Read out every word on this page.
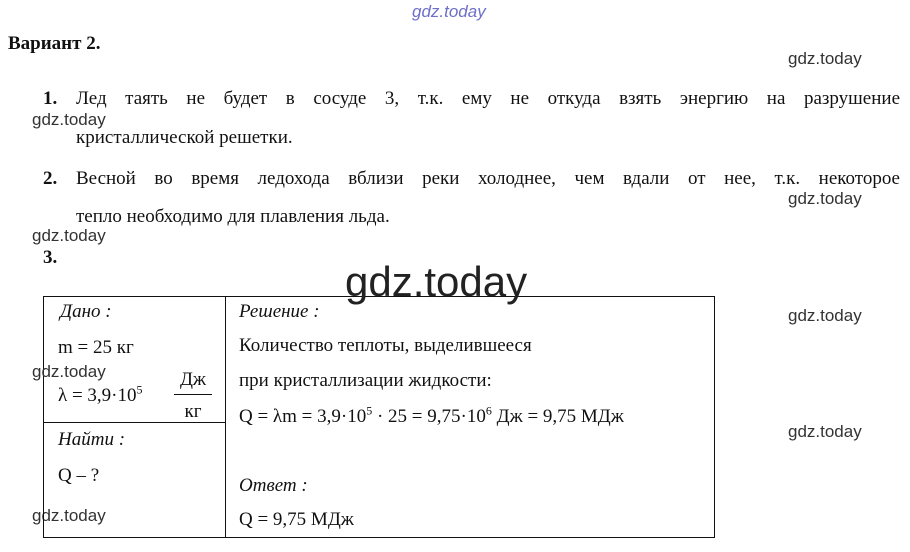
gdz.today
gdz.today
gdz.today
gdz.today
gdz.today
gdz.today
gdz.today
gdz.today
Вариант 2.
1. Лед таять не будет в сосуде 3, т.к. ему не откуда взять энергию на разрушение
кристаллической решетки.
2. Весной во время ледохода вблизи реки холоднее, чем вдали от нее, т.к. некоторое
тепло необходимо для плавления льда.
3.
Дано :
m = 25 кг
$\lambda = 3,9\cdot 10^5$	Дж
кг
Найти :
Q – ?
Решение :
Количество теплоты, выделившееся
при кристаллизации жидкости:
$Q = \lambda m = 3,9\cdot 10^5 \cdot 25 = 9,75\cdot 10^6$ Дж = 9,75 МДж
Ответ :
Q = 9,75 МДж
gdz.today
gdz.today
